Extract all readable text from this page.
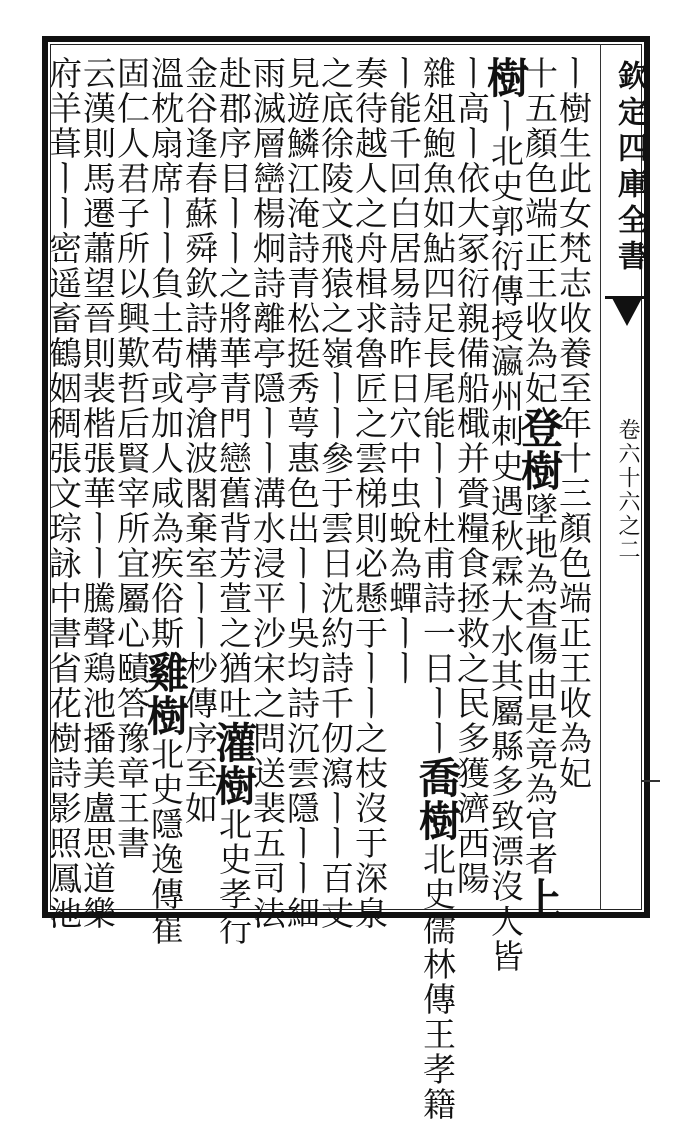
欽定四庫全書
卷六十六之二
ㅣ樹生此女梵志收養至年十三顏色端正王收為妃
十五顏色端正王收為妃登樹墜地為查傷由是竟為官者上
樹ㅣ北史郭衍傳授瀛州刺史遇秋霖大水其屬縣多致漂沒人皆
ㅣ高ㅣ依大冢衍親備船檝并賫糧食拯救之民多獲濟西陽
雜俎鮑魚如鮎四足長尾能ㅣㅣ杜甫詩一日ㅣㅣ喬樹北史儒林傳王孝籍
ㅣ能千回白居易詩昨日穴中虫蛻為蟬ㅣㅣ
奏待越人之舟楫求魯匠之雲梯則必懸于ㅣㅣ之枝沒于深泉
之底徐陵文飛猿之嶺ㅣㅣ參于雲日沈約詩千仞瀉ㅣㅣ百丈
見遊鱗江淹詩青松挺秀萼惠色出ㅣㅣ吳均詩沉雲隱ㅣㅣ細
雨滅層巒楊炯詩離亭隱ㅣㅣ溝水浸平沙宋之問送裴五司法
赴郡序目ㅣㅣ之將華青門戀舊背芳萱之猶吐灌樹北史孝行
金谷逢春蘇舜欽詩構亭滄波閣棄室ㅣㅣ杪傳序至如
溫枕扇席ㅣㅣ負土苟或加人咸為疾俗斯雞樹北史隱逸傳崔
固仁人君子所以興歎哲后賢宰所宜屬心賾答豫章王書
云漢則馬遷蕭望晉則裴楷張華ㅣㅣ騰聲鶏池播美盧思道樂
府羊葺ㅣㅣ密遥畜鶴姻稠張文琮詠中書省花樹詩影照鳳池
